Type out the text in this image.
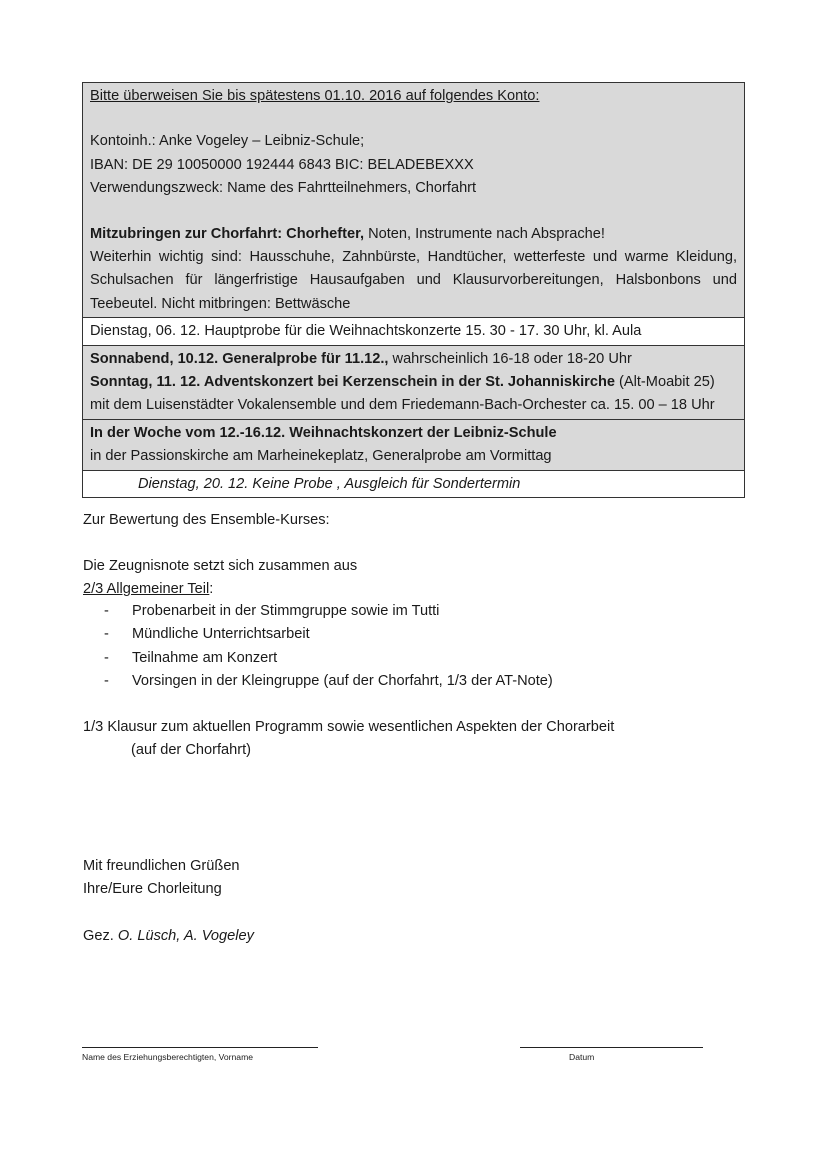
Bitte überweisen Sie bis spätestens 01.10. 2016 auf folgendes Konto:
Kontoinh.: Anke Vogeley – Leibniz-Schule;
IBAN: DE 29 10050000 192444 6843 BIC: BELADEBEXXX
Verwendungszweck: Name des Fahrtteilnehmers, Chorfahrt
Mitzubringen zur Chorfahrt: Chorhefter, Noten, Instrumente nach Absprache!
Weiterhin wichtig sind: Hausschuhe, Zahnbürste, Handtücher, wetterfeste und warme Kleidung, Schulsachen für längerfristige Hausaufgaben und Klausurvorbereitungen, Halsbonbons und Teebeutel. Nicht mitbringen: Bettwäsche
Dienstag, 06. 12. Hauptprobe für die Weihnachtskonzerte 15. 30 - 17. 30 Uhr, kl. Aula
Sonnabend, 10.12. Generalprobe für 11.12., wahrscheinlich 16-18 oder 18-20 Uhr
Sonntag, 11. 12. Adventskonzert bei Kerzenschein in der St. Johanniskirche (Alt-Moabit 25)
mit dem Luisenstädter Vokalensemble und dem Friedemann-Bach-Orchester ca. 15. 00 – 18 Uhr
In der Woche vom 12.-16.12. Weihnachtskonzert der Leibniz-Schule
in der Passionskirche am Marheinekeplatz, Generalprobe am Vormittag
Dienstag, 20. 12. Keine Probe , Ausgleich für Sondertermin
Zur Bewertung des Ensemble-Kurses:
Die Zeugnisnote setzt sich zusammen aus
2/3 Allgemeiner Teil:
- Probenarbeit in der Stimmgruppe sowie im Tutti
- Mündliche Unterrichtsarbeit
- Teilnahme am Konzert
- Vorsingen in der Kleingruppe (auf der Chorfahrt, 1/3 der AT-Note)
1/3 Klausur zum aktuellen Programm sowie wesentlichen Aspekten der Chorarbeit
(auf der Chorfahrt)
Mit freundlichen Grüßen
Ihre/Eure Chorleitung
Gez. O. Lüsch, A. Vogeley
Name des Erziehungsberechtigten, Vorname	Datum
